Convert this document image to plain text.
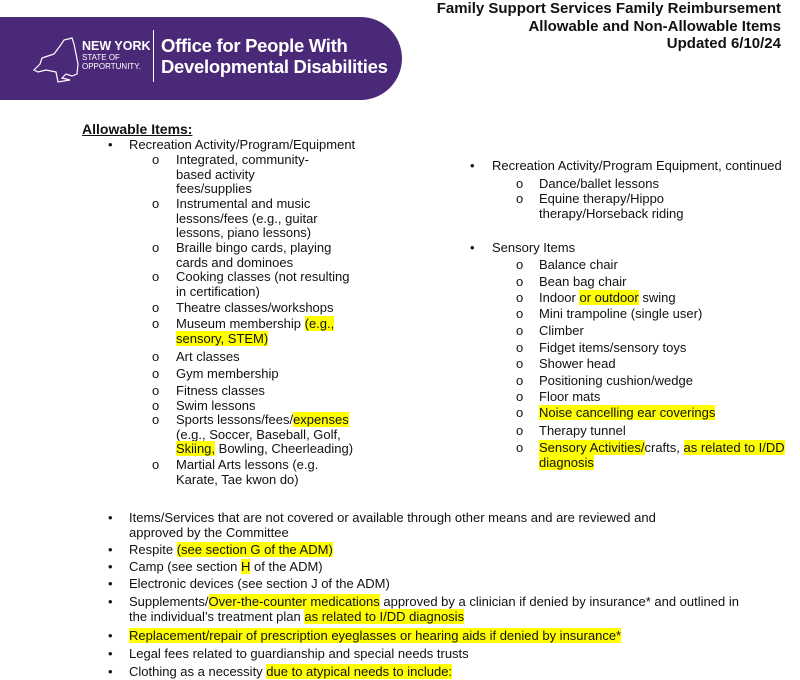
NEW YORK
STATE OF
OPPORTUNITY.
Office for People With
Developmental Disabilities
Family Support Services Family Reimbursement
Allowable and Non-Allowable Items
Updated 6/10/24
Allowable Items:
• Recreation Activity/Program/Equipment
o Integrated, community-based activity fees/supplies
o Instrumental and music lessons/fees (e.g., guitar lessons, piano lessons)
o Braille bingo cards, playing cards and dominoes
o Cooking classes (not resulting in certification)
o Theatre classes/workshops
o Museum membership (e.g., sensory, STEM)
o Art classes
o Gym membership
o Fitness classes
o Swim lessons
o Sports lessons/fees/expenses (e.g., Soccer, Baseball, Golf, Skiing, Bowling, Cheerleading)
o Martial Arts lessons (e.g. Karate, Tae kwon do)
• Recreation Activity/Program Equipment, continued
o Dance/ballet lessons
o Equine therapy/Hippo therapy/Horseback riding
• Sensory Items
o Balance chair
o Bean bag chair
o Indoor or outdoor swing
o Mini trampoline (single user)
o Climber
o Fidget items/sensory toys
o Shower head
o Positioning cushion/wedge
o Floor mats
o Noise cancelling ear coverings
o Therapy tunnel
o Sensory Activities/crafts, as related to I/DD diagnosis
• Items/Services that are not covered or available through other means and are reviewed and approved by the Committee
• Respite (see section G of the ADM)
• Camp (see section H of the ADM)
• Electronic devices (see section J of the ADM)
• Supplements/Over-the-counter medications approved by a clinician if denied by insurance* and outlined in the individual’s treatment plan as related to I/DD diagnosis
• Replacement/repair of prescription eyeglasses or hearing aids if denied by insurance*
• Legal fees related to guardianship and special needs trusts
• Clothing as a necessity due to atypical needs to include:
